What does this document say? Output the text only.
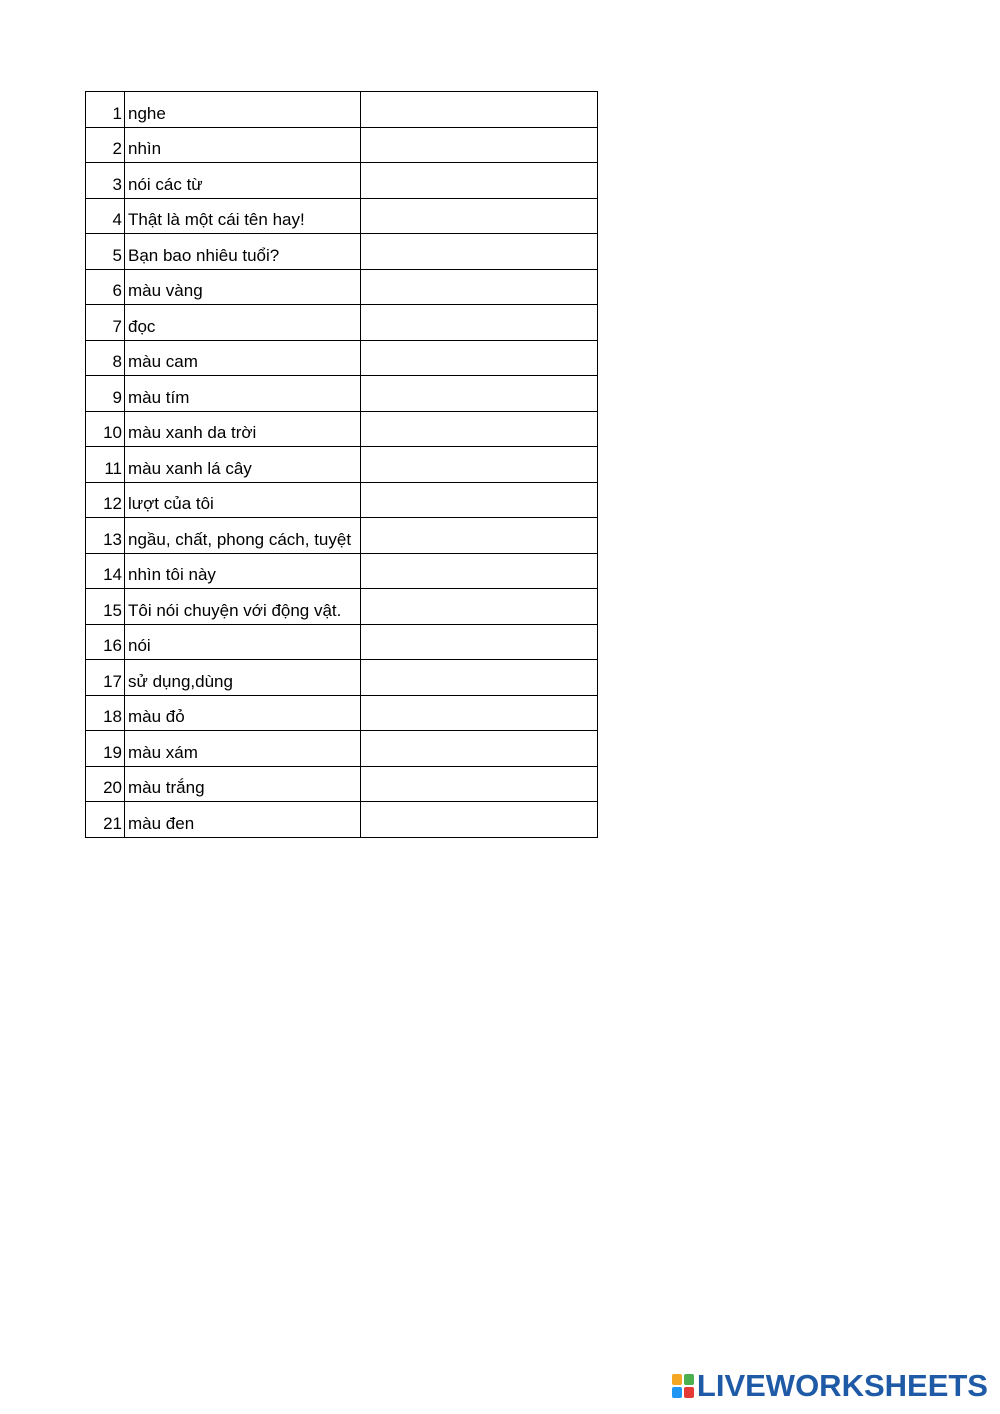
1	nghe	
2	nhìn	
3	nói các từ	
4	Thật là một cái tên hay!	
5	Bạn bao nhiêu tuổi?	
6	màu vàng	
7	đọc	
8	màu cam	
9	màu tím	
10	màu xanh da trời	
11	màu xanh lá cây	
12	lượt của tôi	
13	ngầu, chất, phong cách, tuyệt	
14	nhìn tôi này	
15	Tôi nói chuyện với động vật.	
16	nói	
17	sử dụng,dùng	
18	màu đỏ	
19	màu xám	
20	màu trắng	
21	màu đen	
LIVEWORKSHEETS
